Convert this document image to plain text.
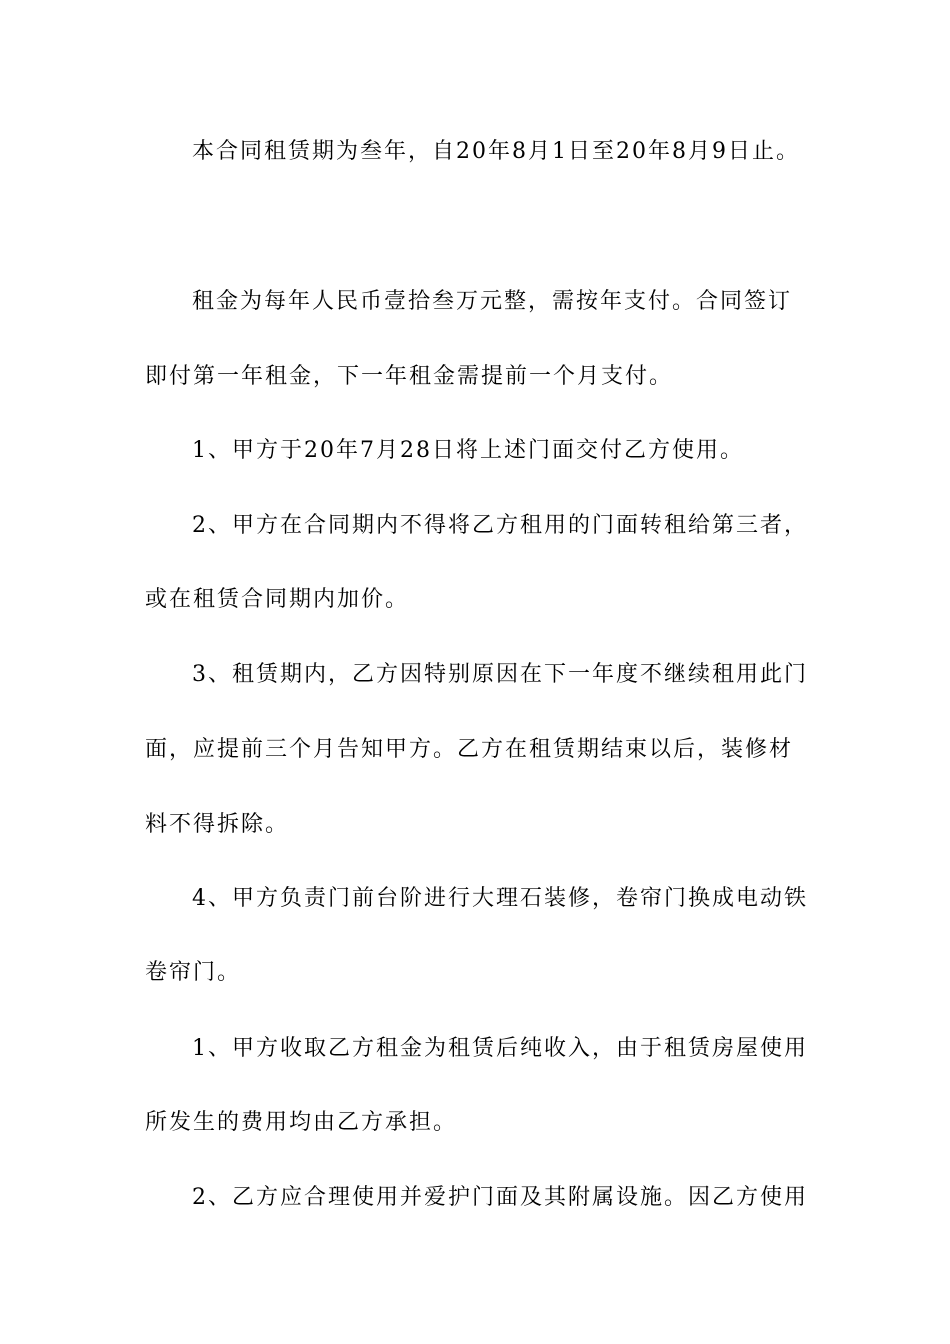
本合同租赁期为叁年，自20年8月1日至20年8月9日止。
租金为每年人民币壹拾叁万元整，需按年支付。合同签订
即付第一年租金，下一年租金需提前一个月支付。
1、甲方于20年7月28日将上述门面交付乙方使用。
2、甲方在合同期内不得将乙方租用的门面转租给第三者，
或在租赁合同期内加价。
3、租赁期内，乙方因特别原因在下一年度不继续租用此门
面，应提前三个月告知甲方。乙方在租赁期结束以后，装修材
料不得拆除。
4、甲方负责门前台阶进行大理石装修，卷帘门换成电动铁
卷帘门。
1、甲方收取乙方租金为租赁后纯收入，由于租赁房屋使用
所发生的费用均由乙方承担。
2、乙方应合理使用并爱护门面及其附属设施。因乙方使用
